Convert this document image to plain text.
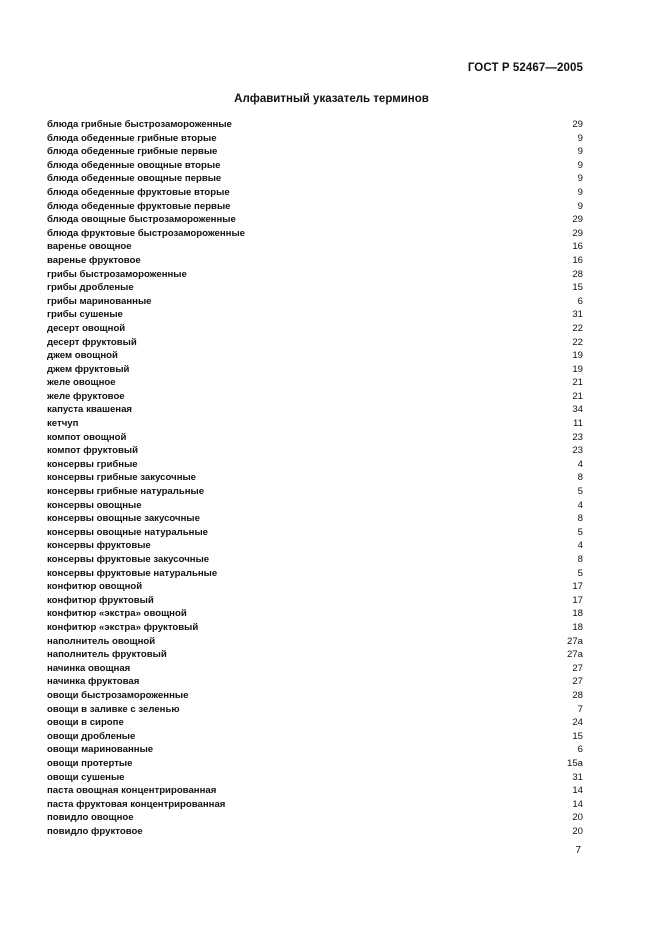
ГОСТ Р 52467—2005
Алфавитный указатель терминов
блюда грибные быстрозамороженные	29
блюда обеденные грибные вторые	9
блюда обеденные грибные первые	9
блюда обеденные овощные вторые	9
блюда обеденные овощные первые	9
блюда обеденные фруктовые вторые	9
блюда обеденные фруктовые первые	9
блюда овощные быстрозамороженные	29
блюда фруктовые быстрозамороженные	29
варенье овощное	16
варенье фруктовое	16
грибы быстрозамороженные	28
грибы дробленые	15
грибы маринованные	6
грибы сушеные	31
десерт овощной	22
десерт фруктовый	22
джем овощной	19
джем фруктовый	19
желе овощное	21
желе фруктовое	21
капуста квашеная	34
кетчуп	11
компот овощной	23
компот фруктовый	23
консервы грибные	4
консервы грибные закусочные	8
консервы грибные натуральные	5
консервы овощные	4
консервы овощные закусочные	8
консервы овощные натуральные	5
консервы фруктовые	4
консервы фруктовые закусочные	8
консервы фруктовые натуральные	5
конфитюр овощной	17
конфитюр фруктовый	17
конфитюр «экстра» овощной	18
конфитюр «экстра» фруктовый	18
наполнитель овощной	27а
наполнитель фруктовый	27а
начинка овощная	27
начинка фруктовая	27
овощи быстрозамороженные	28
овощи в заливке с зеленью	7
овощи в сиропе	24
овощи дробленые	15
овощи маринованные	6
овощи протертые	15а
овощи сушеные	31
паста овощная концентрированная	14
паста фруктовая концентрированная	14
повидло овощное	20
повидло фруктовое	20
7
